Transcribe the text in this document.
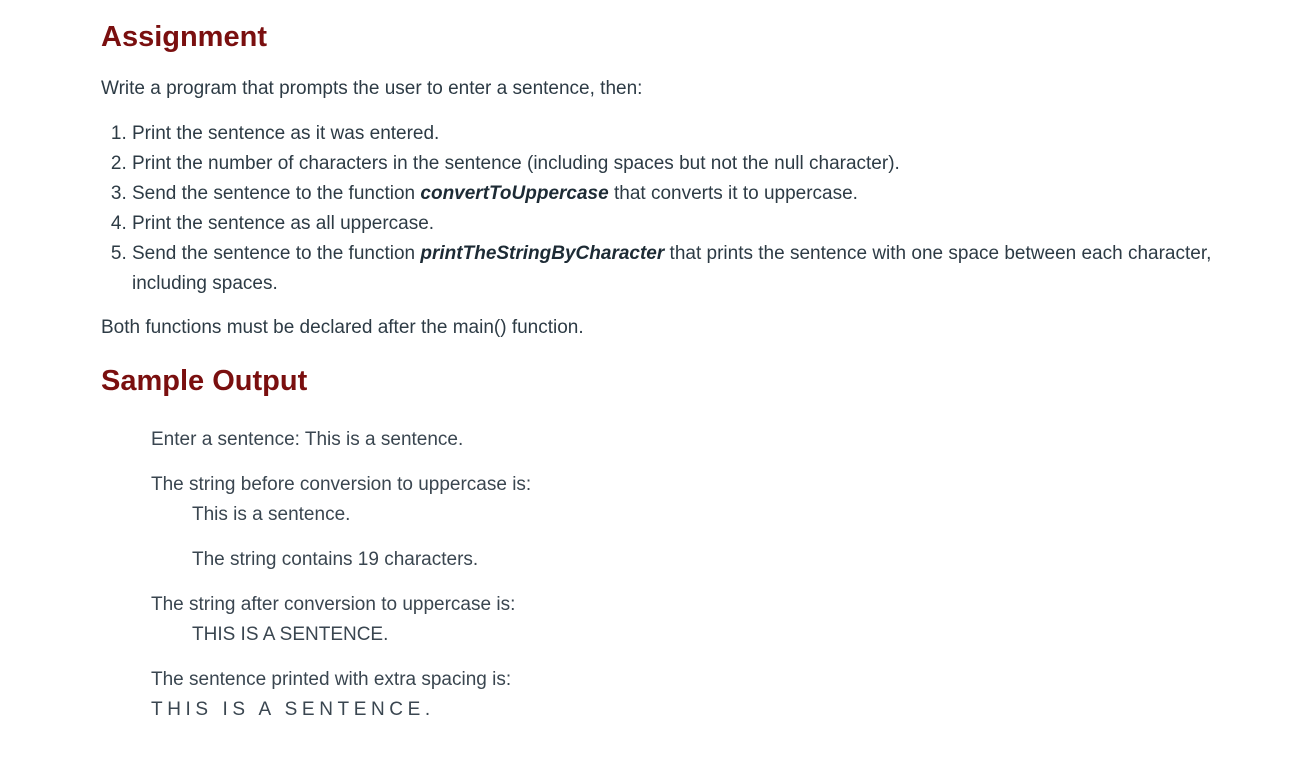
Assignment

Write a program that prompts the user to enter a sentence, then:

1. Print the sentence as it was entered.
2. Print the number of characters in the sentence (including spaces but not the null character).
3. Send the sentence to the function convertToUppercase that converts it to uppercase.
4. Print the sentence as all uppercase.
5. Send the sentence to the function printTheStringByCharacter that prints the sentence with one space between each character, including spaces.

Both functions must be declared after the main() function.

Sample Output
Enter a sentence: This is a sentence.
The string before conversion to uppercase is:
This is a sentence.
The string contains 19 characters.
The string after conversion to uppercase is:
THIS IS A SENTENCE.
The sentence printed with extra spacing is:
THIS IS A SENTENCE.
